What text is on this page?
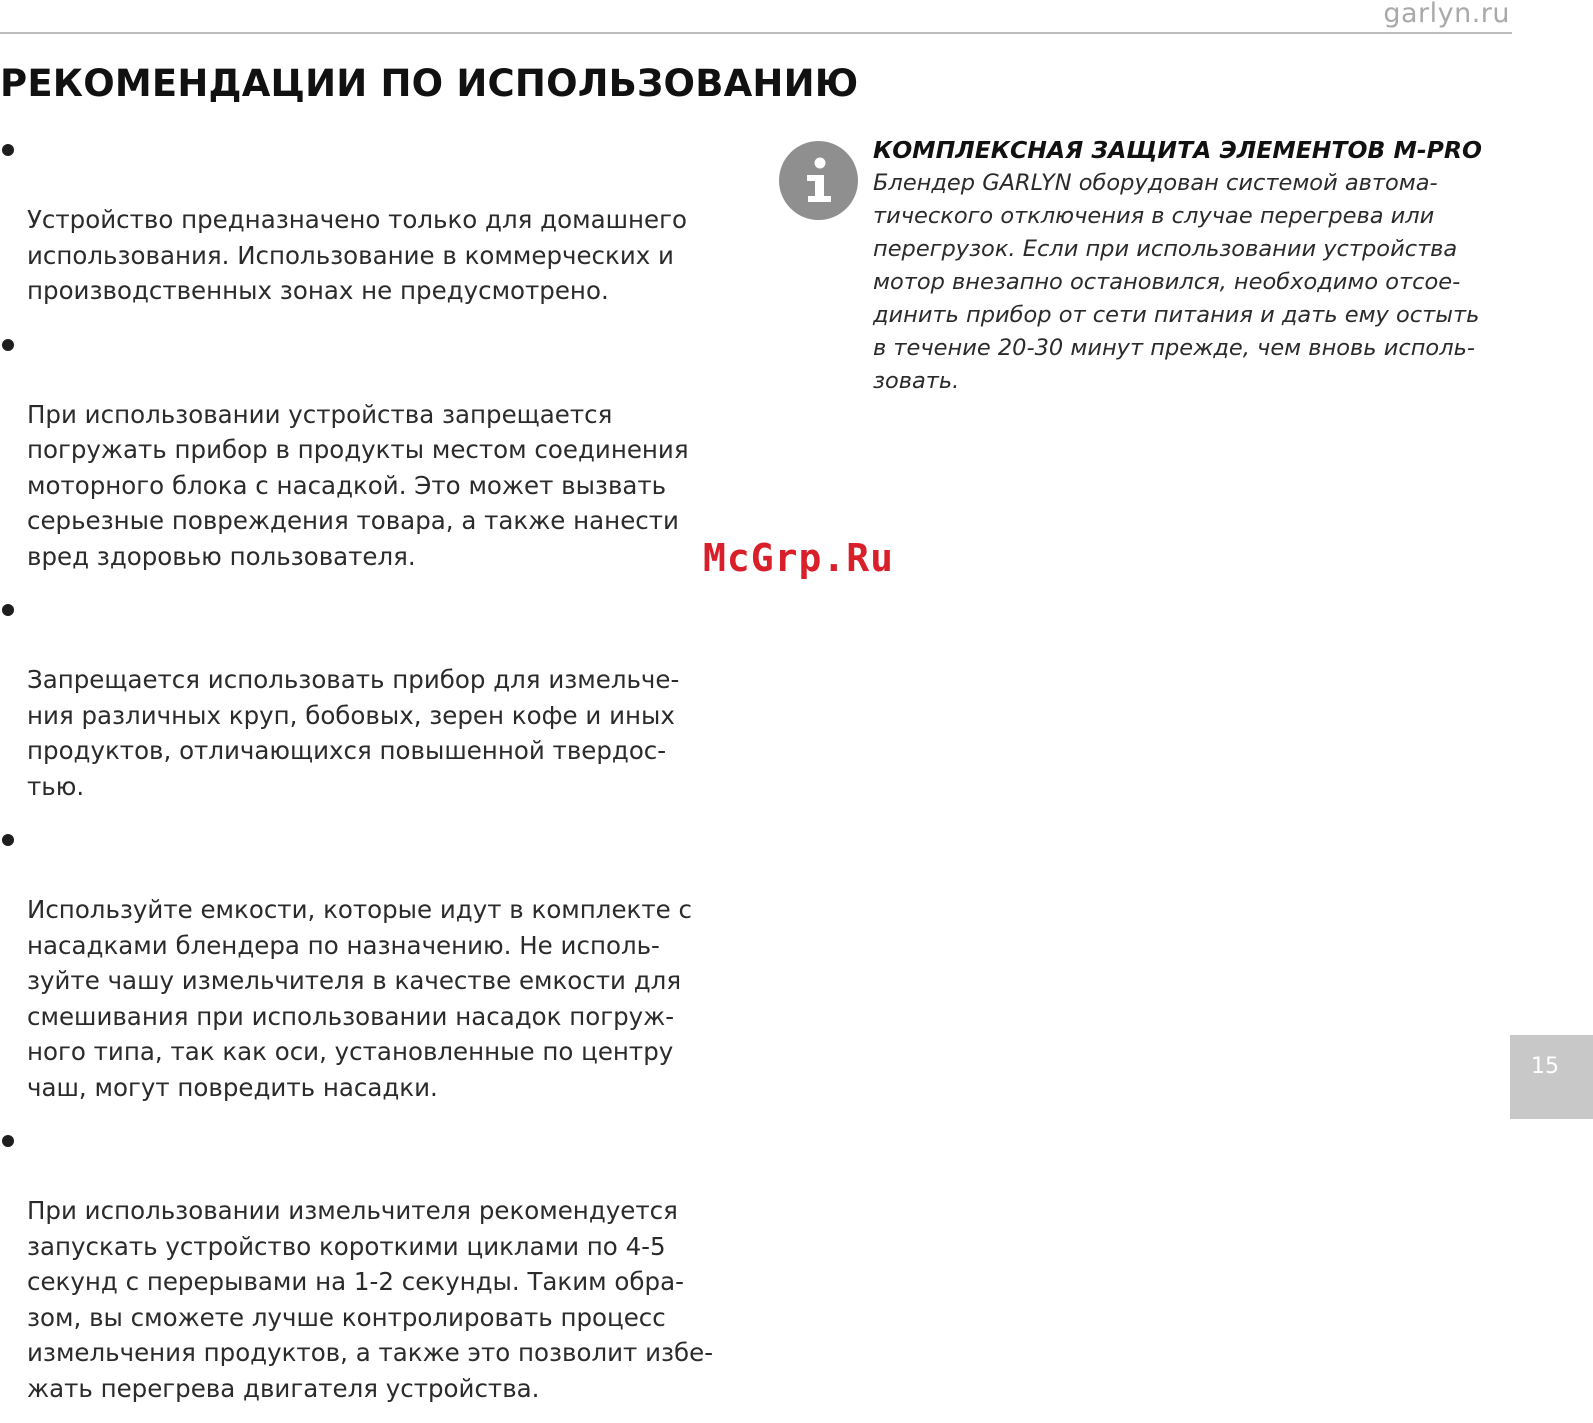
garlyn.ru
РЕКОМЕНДАЦИИ ПО ИСПОЛЬЗОВАНИЮ

Устройство предназначено только для домашнего
использования. Использование в коммерческих и
производственных зонах не предусмотрено.

При использовании устройства запрещается
погружать прибор в продукты местом соединения
моторного блока с насадкой. Это может вызвать
серьезные повреждения товара, а также нанести
вред здоровью пользователя.

Запрещается использовать прибор для измельче-
ния различных круп, бобовых, зерен кофе и иных
продуктов, отличающихся повышенной твердос-
тью.

Используйте емкости, которые идут в комплекте с
насадками блендера по назначению. Не исполь-
зуйте чашу измельчителя в качестве емкости для
смешивания при использовании насадок погруж-
ного типа, так как оси, установленные по центру
чаш, могут повредить насадки.

При использовании измельчителя рекомендуется
запускать устройство короткими циклами по 4-5
секунд с перерывами на 1-2 секунды. Таким обра-
зом, вы сможете лучше контролировать процесс
измельчения продуктов, а также это позволит избе-
жать перегрева двигателя устройства.

КОМПЛЕКСНАЯ ЗАЩИТА ЭЛЕМЕНТОВ M-PRO
Блендер GARLYN оборудован системой автома-
тического отключения в случае перегрева или
перегрузок. Если при использовании устройства
мотор внезапно остановился, необходимо отсое-
динить прибор от сети питания и дать ему остыть
в течение 20-30 минут прежде, чем вновь исполь-
зовать.
McGrp.Ru
15
